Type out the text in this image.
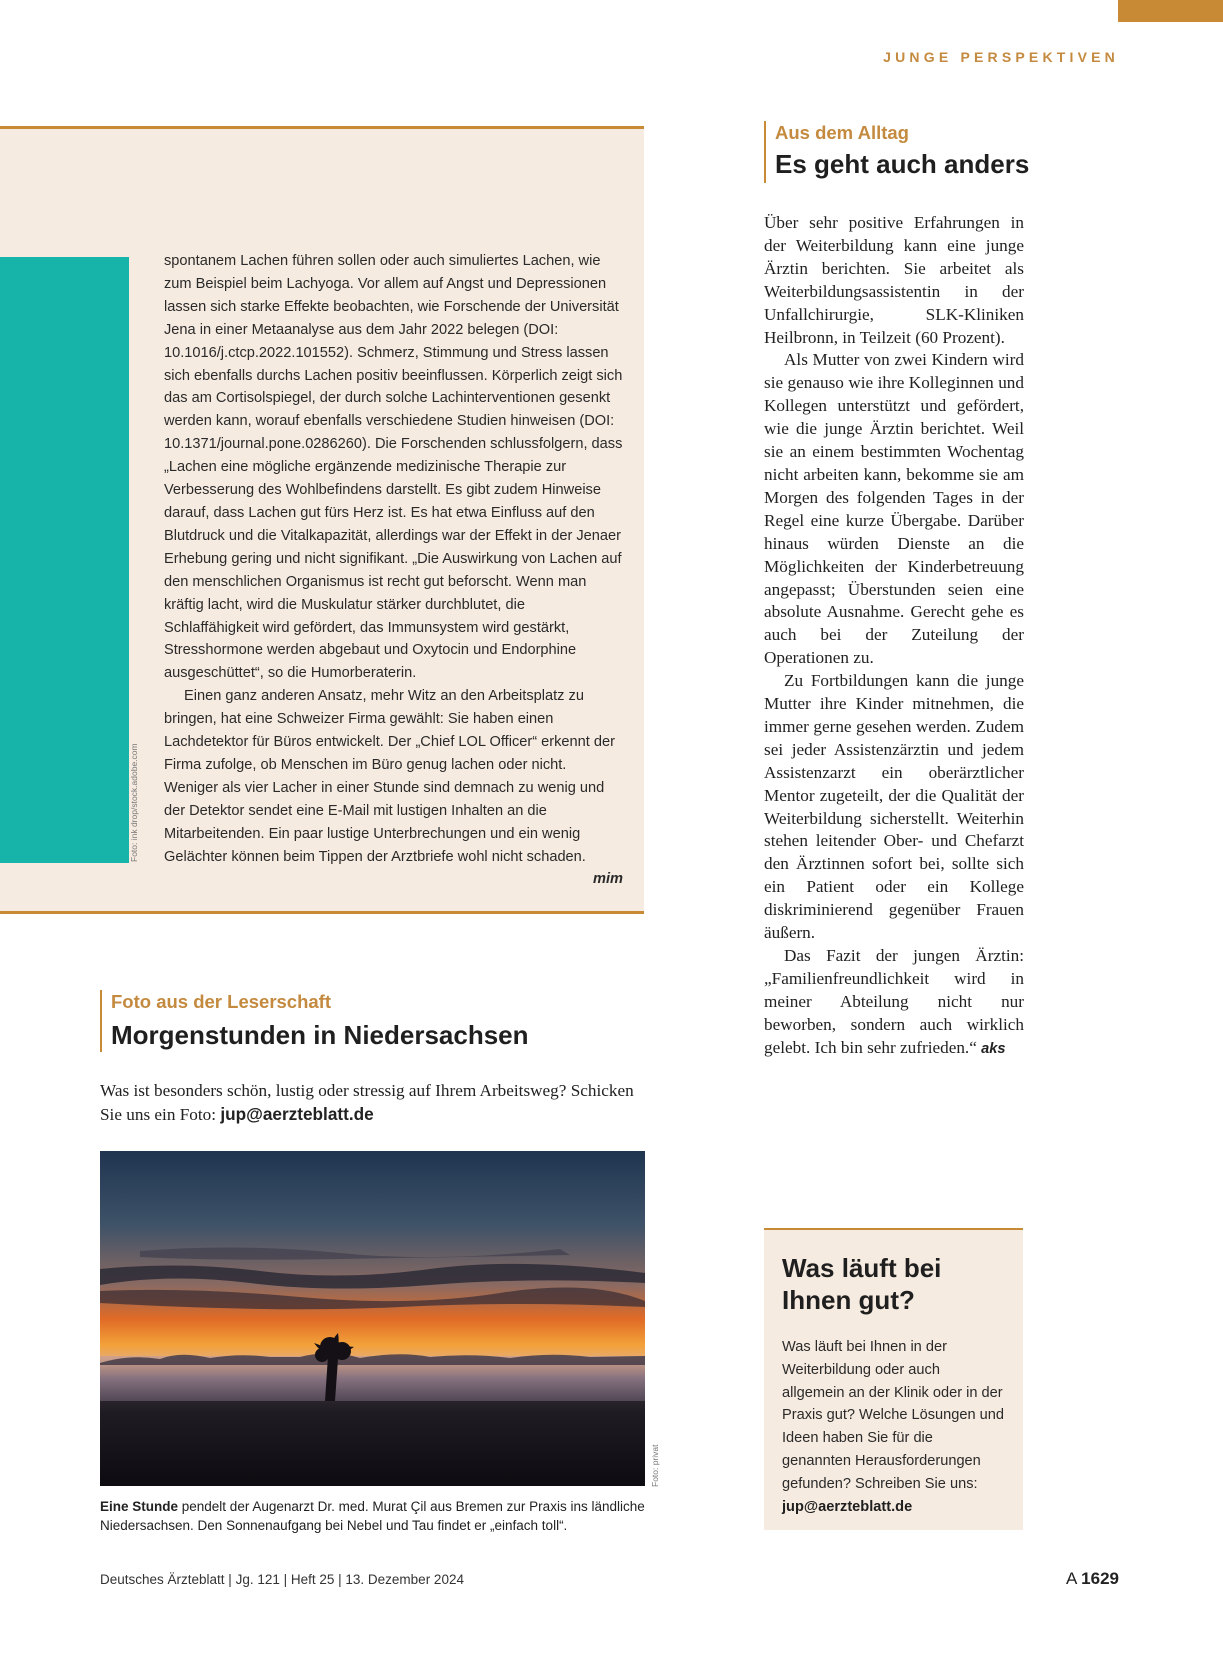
JUNGE PERSPEKTIVEN

spontanem Lachen führen sollen oder auch simuliertes Lachen, wie zum Beispiel beim Lachyoga. Vor allem auf Angst und Depressionen lassen sich starke Effekte beobachten, wie Forschende der Universität Jena in einer Metaanalyse aus dem Jahr 2022 belegen (DOI: 10.1016/j.ctcp.2022.101552). Schmerz, Stimmung und Stress lassen sich ebenfalls durchs Lachen positiv beeinflussen. Körperlich zeigt sich das am Cortisolspiegel, der durch solche Lachinterventionen gesenkt werden kann, worauf ebenfalls verschiedene Studien hinweisen (DOI: 10.1371/journal.pone.0286260). Die Forschenden schlussfolgern, dass „Lachen eine mögliche ergänzende medizinische Therapie zur Verbesserung des Wohlbefindens darstellt. Es gibt zudem Hinweise darauf, dass Lachen gut fürs Herz ist. Es hat etwa Einfluss auf den Blutdruck und die Vitalkapazität, allerdings war der Effekt in der Jenaer Erhebung gering und nicht signifikant. „Die Auswirkung von Lachen auf den menschlichen Organismus ist recht gut beforscht. Wenn man kräftig lacht, wird die Muskulatur stärker durchblutet, die Schlaffähigkeit wird gefördert, das Immunsystem wird gestärkt, Stresshormone werden abgebaut und Oxytocin und Endorphine ausgeschüttet“, so die Humorberaterin.

Einen ganz anderen Ansatz, mehr Witz an den Arbeitsplatz zu bringen, hat eine Schweizer Firma gewählt: Sie haben einen Lachdetektor für Büros entwickelt. Der „Chief LOL Officer“ erkennt der Firma zufolge, ob Menschen im Büro genug lachen oder nicht. Weniger als vier Lacher in einer Stunde sind demnach zu wenig und der Detektor sendet eine E-Mail mit lustigen Inhalten an die Mitarbeitenden. Ein paar lustige Unterbrechungen und ein wenig Gelächter können beim Tippen der Arztbriefe wohl nicht schaden.
mim

Aus dem Alltag
Es geht auch anders

Über sehr positive Erfahrungen in der Weiterbildung kann eine junge Ärztin berichten. Sie arbeitet als Weiterbildungsassistentin in der Unfallchirurgie, SLK-Kliniken Heilbronn, in Teilzeit (60 Prozent).

Als Mutter von zwei Kindern wird sie genauso wie ihre Kolleginnen und Kollegen unterstützt und gefördert, wie die junge Ärztin berichtet. Weil sie an einem bestimmten Wochentag nicht arbeiten kann, bekomme sie am Morgen des folgenden Tages in der Regel eine kurze Übergabe. Darüber hinaus würden Dienste an die Möglichkeiten der Kinderbetreuung angepasst; Überstunden seien eine absolute Ausnahme. Gerecht gehe es auch bei der Zuteilung der Operationen zu.

Zu Fortbildungen kann die junge Mutter ihre Kinder mitnehmen, die immer gerne gesehen werden. Zudem sei jeder Assistenzärztin und jedem Assistenzarzt ein oberärztlicher Mentor zugeteilt, der die Qualität der Weiterbildung sicherstellt. Weiterhin stehen leitender Ober- und Chefarzt den Ärztinnen sofort bei, sollte sich ein Patient oder ein Kollege diskriminierend gegenüber Frauen äußern.

Das Fazit der jungen Ärztin: „Familienfreundlichkeit wird in meiner Abteilung nicht nur beworben, sondern auch wirklich gelebt. Ich bin sehr zufrieden.“ aks

Foto aus der Leserschaft
Morgenstunden in Niedersachsen
Was ist besonders schön, lustig oder stressig auf Ihrem Arbeitsweg? Schicken Sie uns ein Foto: jup@aerzteblatt.de
Foto: privat
Eine Stunde pendelt der Augenarzt Dr. med. Murat Çil aus Bremen zur Praxis ins ländliche Niedersachsen. Den Sonnenaufgang bei Nebel und Tau findet er „einfach toll“.
Was läuft bei Ihnen gut?
Was läuft bei Ihnen in der Weiterbildung oder auch allgemein an der Klinik oder in der Praxis gut? Welche Lösungen und Ideen haben Sie für die genannten Herausforderungen gefunden? Schreiben Sie uns:
jup@aerzteblatt.de
Deutsches Ärzteblatt | Jg. 121 | Heft 25 | 13. Dezember 2024	A 1629
